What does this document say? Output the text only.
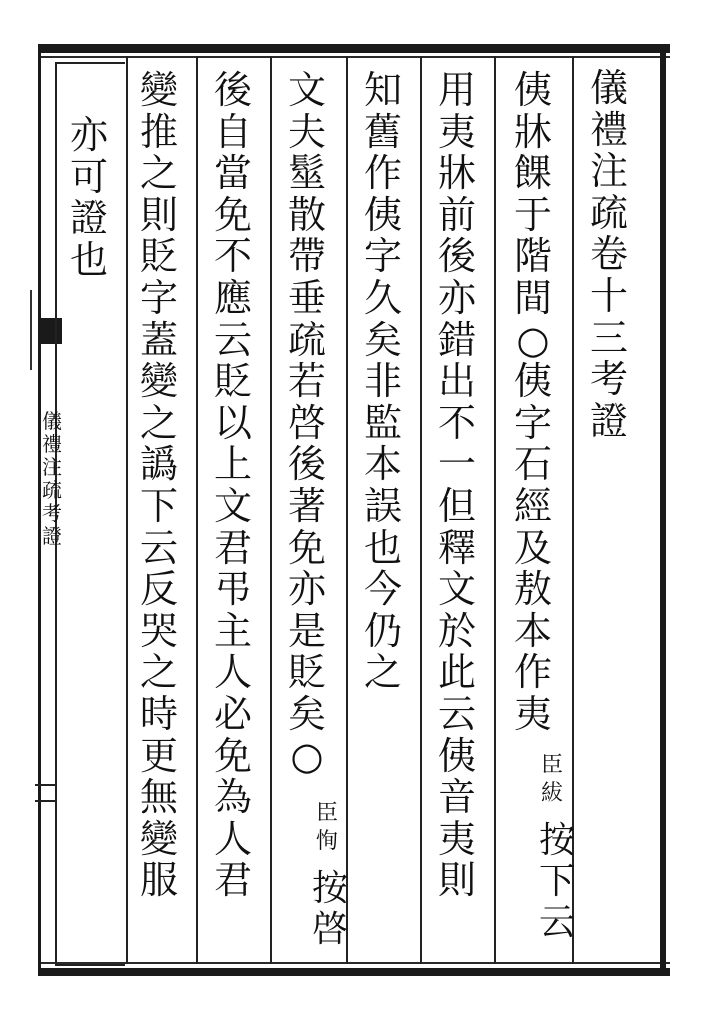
儀禮注疏卷十三考證
侇牀餜于階間○侇字石經及敖本作夷
用夷牀前後亦錯出不一但釋文於此云侇音夷則
知舊作侇字久矣非監本誤也今仍之
文夫髽散帶垂疏若啓後著免亦是貶矣○
後自當免不應云貶以上文君弔主人必免為人君
變推之則貶字蓋變之譌下云反哭之時更無變服
亦可證也
臣紱
按下云
臣恂
按啓
儀禮注疏考證
